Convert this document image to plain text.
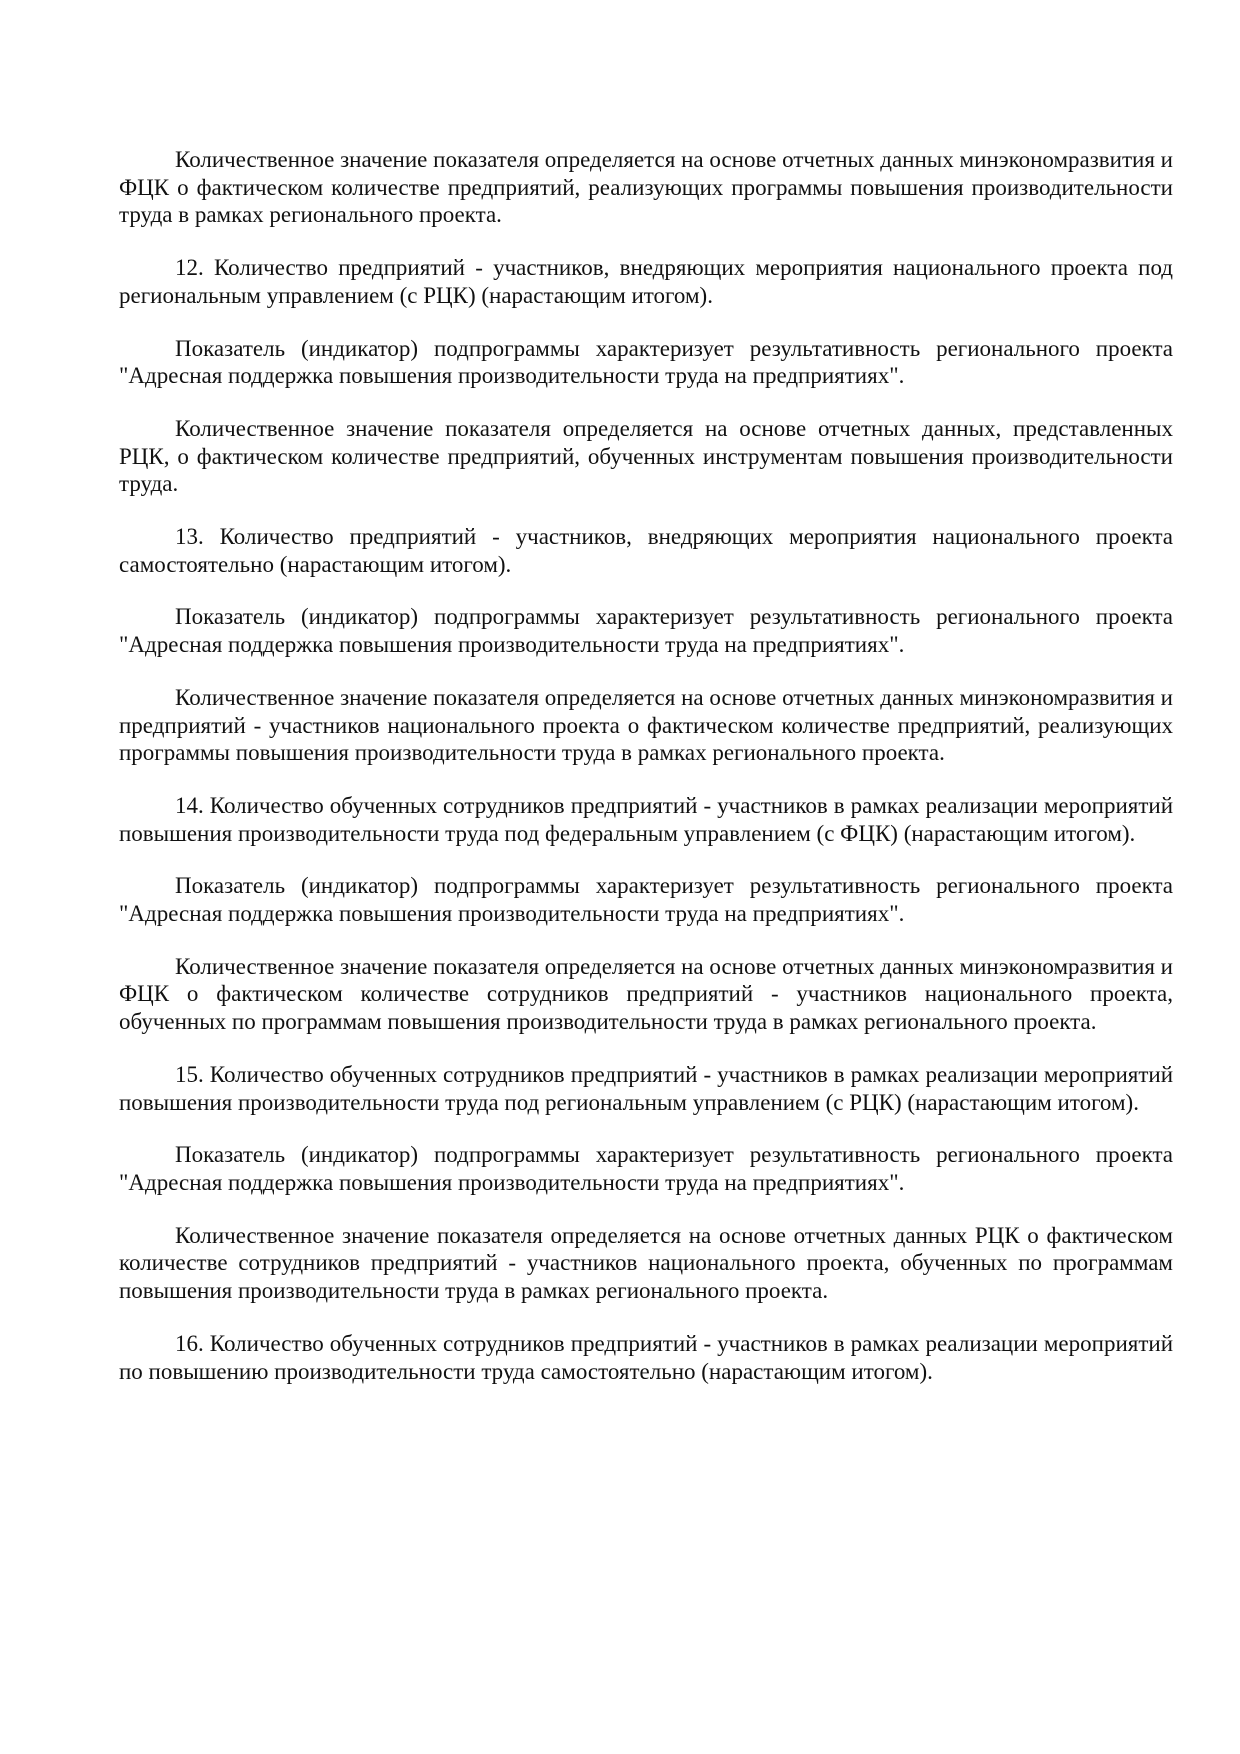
Количественное значение показателя определяется на основе отчетных данных минэкономразвития и ФЦК о фактическом количестве предприятий, реализующих программы повышения производительности труда в рамках регионального проекта.

12. Количество предприятий - участников, внедряющих мероприятия национального проекта под региональным управлением (с РЦК) (нарастающим итогом).

Показатель (индикатор) подпрограммы характеризует результативность регионального проекта "Адресная поддержка повышения производительности труда на предприятиях".

Количественное значение показателя определяется на основе отчетных данных, представленных РЦК, о фактическом количестве предприятий, обученных инструментам повышения производительности труда.

13. Количество предприятий - участников, внедряющих мероприятия национального проекта самостоятельно (нарастающим итогом).

Показатель (индикатор) подпрограммы характеризует результативность регионального проекта "Адресная поддержка повышения производительности труда на предприятиях".

Количественное значение показателя определяется на основе отчетных данных минэкономразвития и предприятий - участников национального проекта о фактическом количестве предприятий, реализующих программы повышения производительности труда в рамках регионального проекта.

14. Количество обученных сотрудников предприятий - участников в рамках реализации мероприятий повышения производительности труда под федеральным управлением (с ФЦК) (нарастающим итогом).

Показатель (индикатор) подпрограммы характеризует результативность регионального проекта "Адресная поддержка повышения производительности труда на предприятиях".

Количественное значение показателя определяется на основе отчетных данных минэкономразвития и ФЦК о фактическом количестве сотрудников предприятий - участников национального проекта, обученных по программам повышения производительности труда в рамках регионального проекта.

15. Количество обученных сотрудников предприятий - участников в рамках реализации мероприятий повышения производительности труда под региональным управлением (с РЦК) (нарастающим итогом).

Показатель (индикатор) подпрограммы характеризует результативность регионального проекта "Адресная поддержка повышения производительности труда на предприятиях".

Количественное значение показателя определяется на основе отчетных данных РЦК о фактическом количестве сотрудников предприятий - участников национального проекта, обученных по программам повышения производительности труда в рамках регионального проекта.

16. Количество обученных сотрудников предприятий - участников в рамках реализации мероприятий по повышению производительности труда самостоятельно (нарастающим итогом).
